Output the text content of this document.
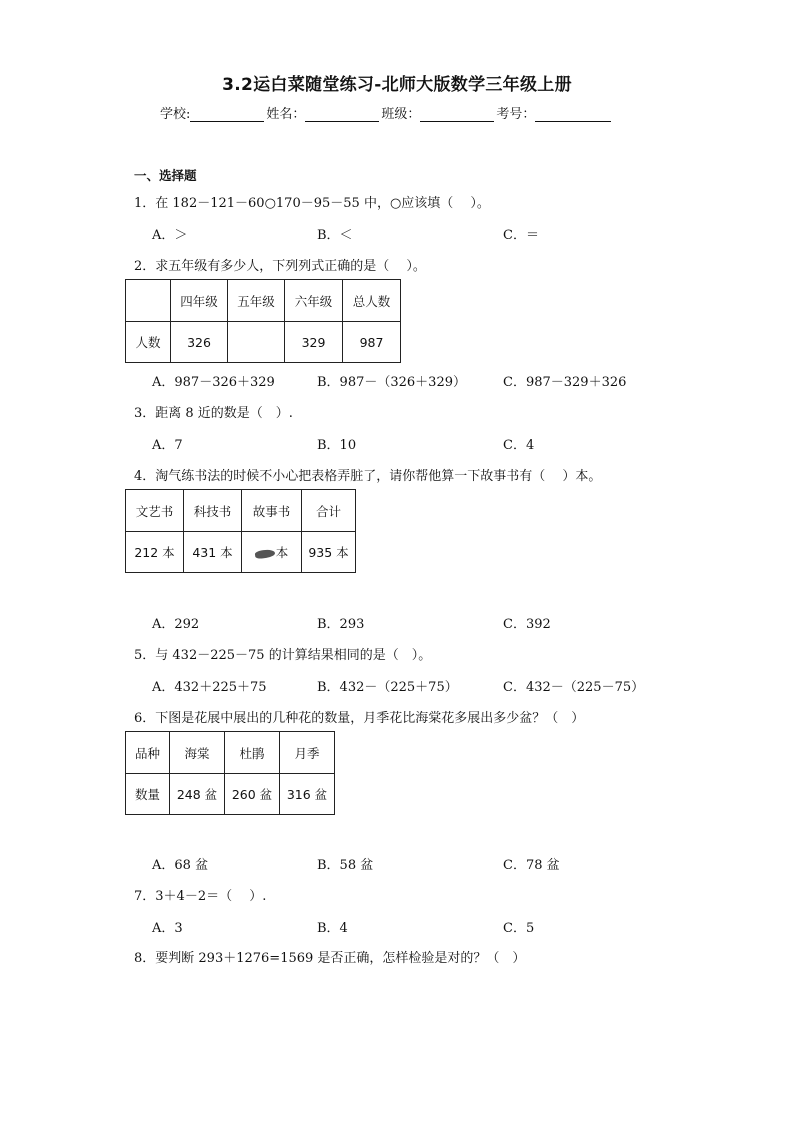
3.2运白菜随堂练习-北师大版数学三年级上册
学校:	姓名：	班级：	考号：
一、选择题
1．在 182－121－60○170－95－55 中，○应该填（　 ）。
A．＞	B．＜	C．＝
2．求五年级有多少人，下列列式正确的是（　 ）。
	四年级	五年级	六年级	总人数
人数	326		329	987
A．987－326＋329	B．987－（326＋329）	C．987－329＋326
3．距离 8 近的数是（　）.
A．7	B．10	C．4
4．淘气练书法的时候不小心把表格弄脏了，请你帮他算一下故事书有（　 ）本。
文艺书	科技书	故事书	合计
212 本	431 本	本	935 本
A．292	B．293	C．392
5．与 432－225－75 的计算结果相同的是（　）。
A．432＋225＋75	B．432－（225＋75）	C．432－（225－75）
6．下图是花展中展出的几种花的数量，月季花比海棠花多展出多少盆？（　）
品种	海棠	杜鹃	月季
数量	248 盆	260 盆	316 盆
A．68 盆	B．58 盆	C．78 盆
7．3＋4－2＝（　 ）.
A．3	B．4	C．5
8．要判断 293＋1276=1569 是否正确，怎样检验是对的？（　）
